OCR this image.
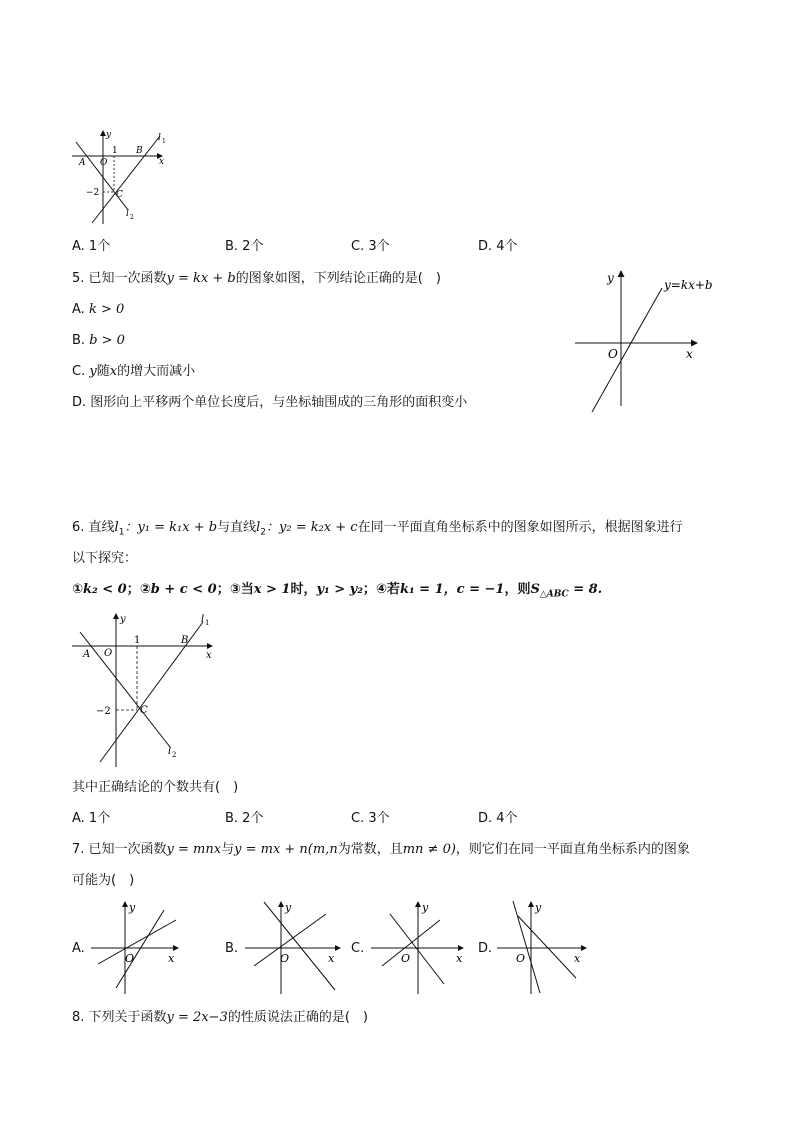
y
1 B
l 1
A O	x
−2 C
l 2
A. 1个	B. 2个	C. 3个	D. 4个
5. 已知一次函数y = kx + b的图象如图，下列结论正确的是(　)
A. k > 0
B. b > 0
C. y随x的增大而减小
D. 图形向上平移两个单位长度后，与坐标轴围成的三角形的面积变小
y
x
O
y=kx+b
6. 直线$l_1$：y₁ = k₁x + b与直线$l_2$：y₂ = k₂x + c在同一平面直角坐标系中的图象如图所示，根据图象进行
以下探究：
①k₂ < 0；②b + c < 0；③当x > 1时，y₁ > y₂；④若k₁ = 1，c = −1，则$S_{\triangle ABC} = 8$.
y
1	B
l 1
A O	x
−2	C
l 2
其中正确结论的个数共有(　)
A. 1个	B. 2个	C. 3个	D. 4个
7. 已知一次函数y = mnx与y = mx + n(m,n为常数，且mn ≠ 0)，则它们在同一平面直角坐标系内的图象
可能为(　)
A.
y
x
O
B.
y
x
O
C.
y
x
O
D.
y
x
O
8. 下列关于函数y = 2x−3的性质说法正确的是(　)
